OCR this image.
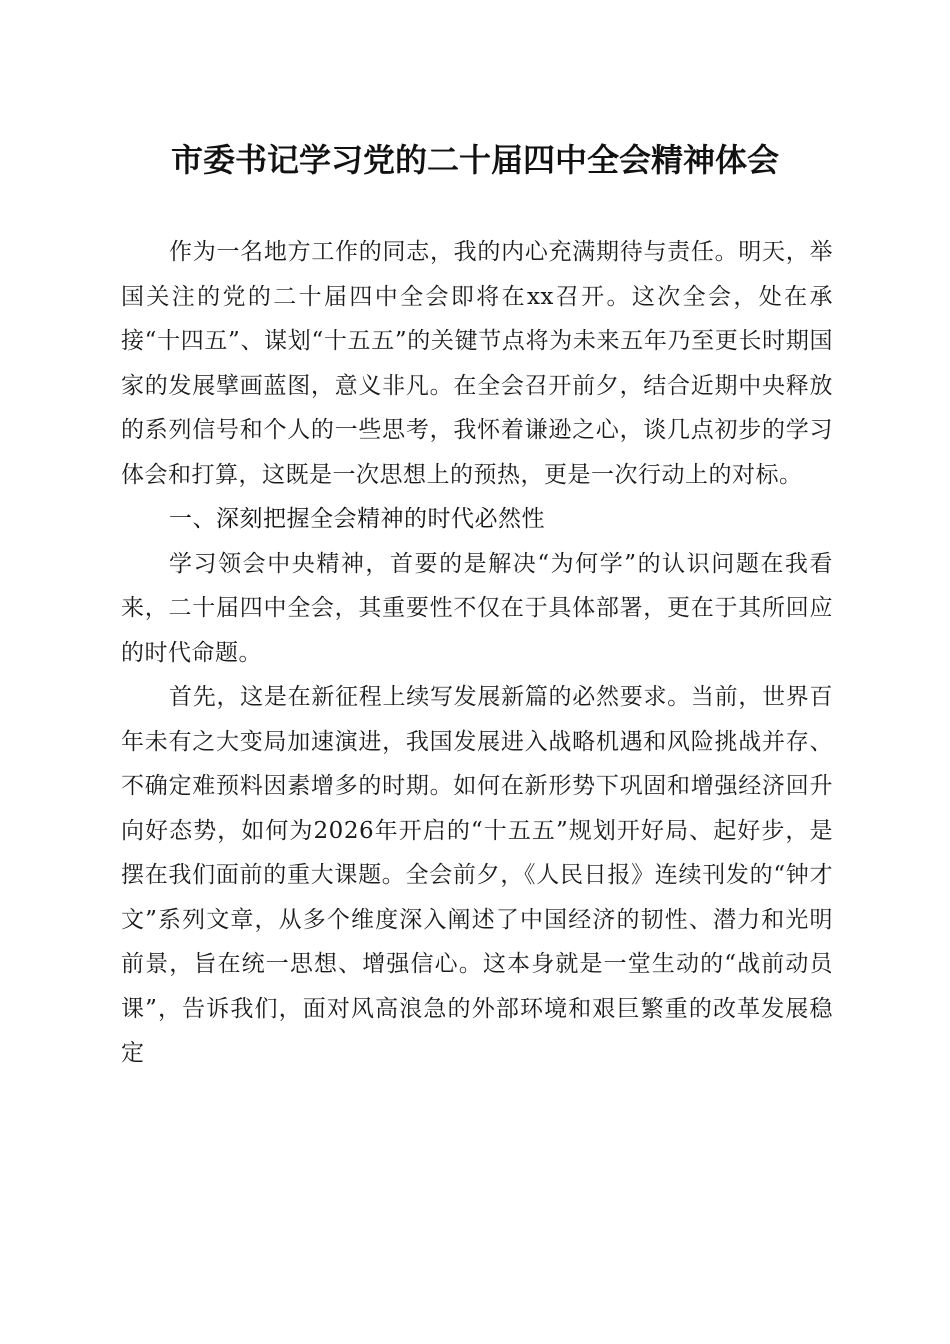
市委书记学习党的二十届四中全会精神体会

作为一名地方工作的同志，我的内心充满期待与责任。明天，举国关注的党的二十届四中全会即将在xx召开。这次全会，处在承接“十四五”、谋划“十五五”的关键节点将为未来五年乃至更长时期国家的发展擘画蓝图，意义非凡。在全会召开前夕，结合近期中央释放的系列信号和个人的一些思考，我怀着谦逊之心，谈几点初步的学习体会和打算，这既是一次思想上的预热，更是一次行动上的对标。

一、深刻把握全会精神的时代必然性

学习领会中央精神，首要的是解决“为何学”的认识问题在我看来，二十届四中全会，其重要性不仅在于具体部署，更在于其所回应的时代命题。

首先，这是在新征程上续写发展新篇的必然要求。当前，世界百年未有之大变局加速演进，我国发展进入战略机遇和风险挑战并存、不确定难预料因素增多的时期。如何在新形势下巩固和增强经济回升向好态势，如何为2026年开启的“十五五”规划开好局、起好步，是摆在我们面前的重大课题。全会前夕，《人民日报》连续刊发的“钟才文”系列文章，从多个维度深入阐述了中国经济的韧性、潜力和光明前景，旨在统一思想、增强信心。这本身就是一堂生动的“战前动员课”，告诉我们，面对风高浪急的外部环境和艰巨繁重的改革发展稳定
